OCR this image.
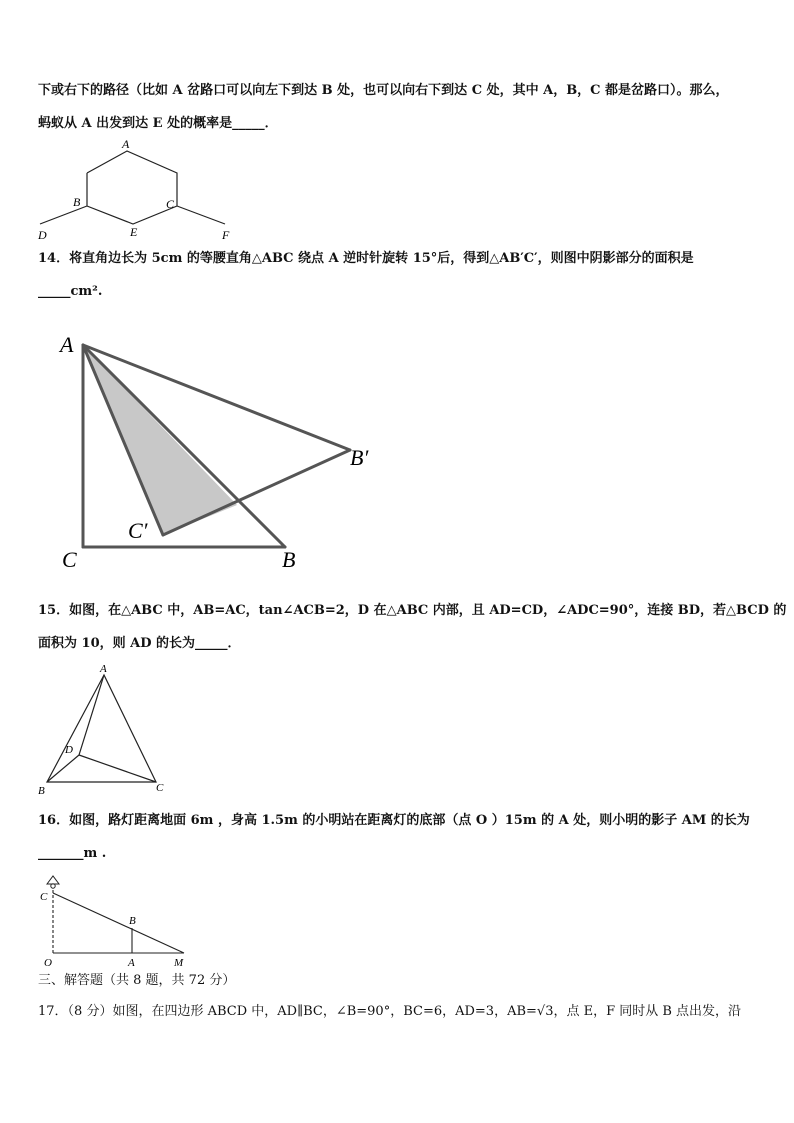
下或右下的路径（比如 A 岔路口可以向左下到达 B 处，也可以向右下到达 C 处，其中 A，B，C 都是岔路口）。那么，
蚂蚁从 A 出发到达 E 处的概率是_____．
A
B	C
D	E	F
14．将直角边长为 5cm 的等腰直角△ABC 绕点 A 逆时针旋转 15°后，得到△AB′C′，则图中阴影部分的面积是
_____cm².
A
C	B
B′
C′
15．如图，在△ABC 中，AB=AC，tan∠ACB=2，D 在△ABC 内部，且 AD=CD，∠ADC=90°，连接 BD，若△BCD 的
面积为 10，则 AD 的长为_____．
A
D
B	C
16．如图，路灯距离地面 6m ，身高 1.5m 的小明站在距离灯的底部（点 O ）15m 的 A 处，则小明的影子 AM 的长为
_______m .
C
B
O	A	M
三、解答题（共 8 题，共 72 分）
17．（8 分）如图，在四边形 ABCD 中，AD∥BC，∠B=90°，BC=6，AD=3，AB=√3，点 E，F 同时从 B 点出发，沿
